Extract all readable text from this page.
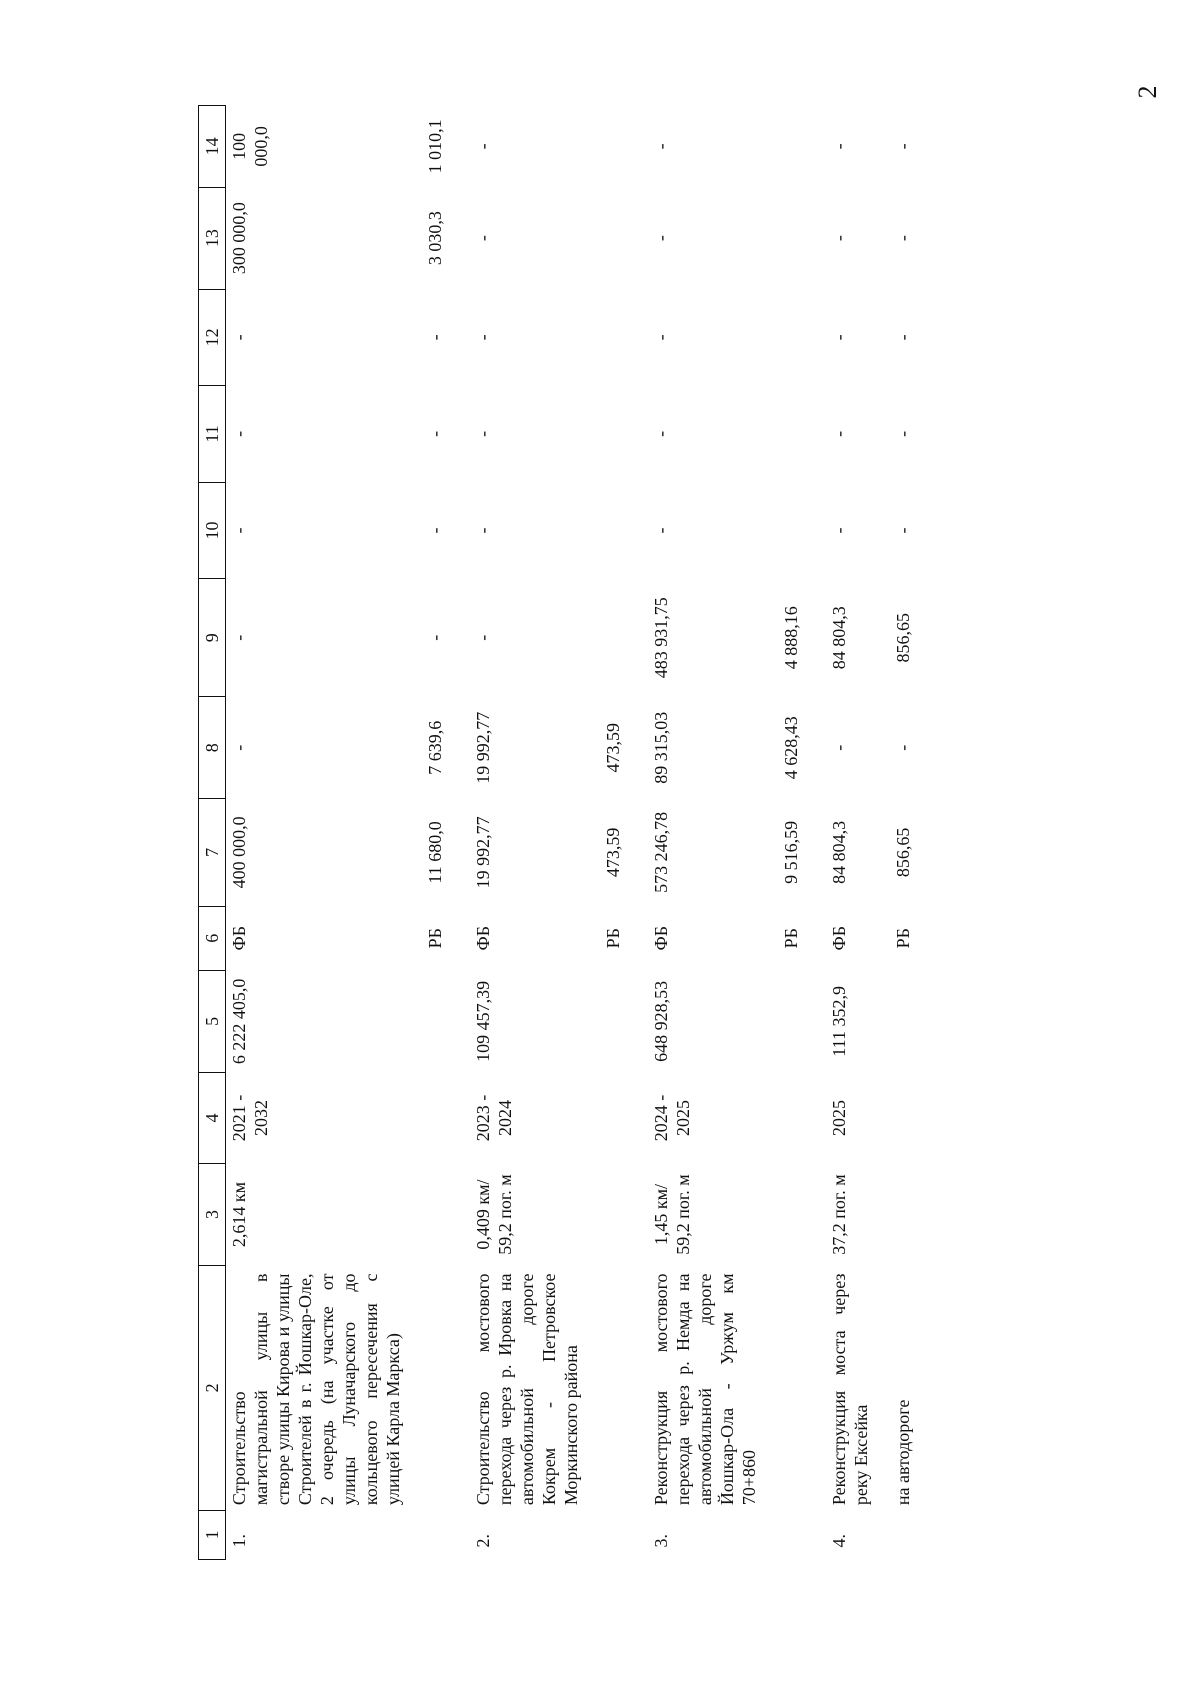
2
1	2	3	4	5	6	7	8	9	10	11	12	13	14
1.	Строительство магистральной улицы в створе улицы Кирова и улицы Строителей в г. Йошкар-Оле, 2 очередь (на участке от улицы Луначарского до кольцевого пересечения с улицей Карла Маркса)	2,614 км	2021 - 2032	6 222 405,0	ФБ	400 000,0	-	-	-	-	-	300 000,0	100 000,0
					РБ	11 680,0	7 639,6	-	-	-	-	3 030,3	1 010,1

2.	Строительство мостового перехода через р. Ировка на автомобильной дороге Кокрем - Петровское Моркинского района	0,409 км/ 59,2 пог. м	2023 - 2024	109 457,39	ФБ	19 992,77	19 992,77	-	-	-	-	-	-
					РБ	473,59	473,59						

3.	Реконструкция мостового перехода через р. Немда на автомобильной дороге Йошкар-Ола - Уржум км 70+860	1,45 км/ 59,2 пог. м	2024 - 2025	648 928,53	ФБ	573 246,78	89 315,03	483 931,75	-	-	-	-	-
					РБ	9 516,59	4 628,43	4 888,16					

4.	Реконструкция моста через реку Ексейка	37,2 пог. м	2025	111 352,9	ФБ	84 804,3	-	84 804,3	-	-	-	-	-
	на автодороге				РБ	856,65	-	856,65	-	-	-	-	-
